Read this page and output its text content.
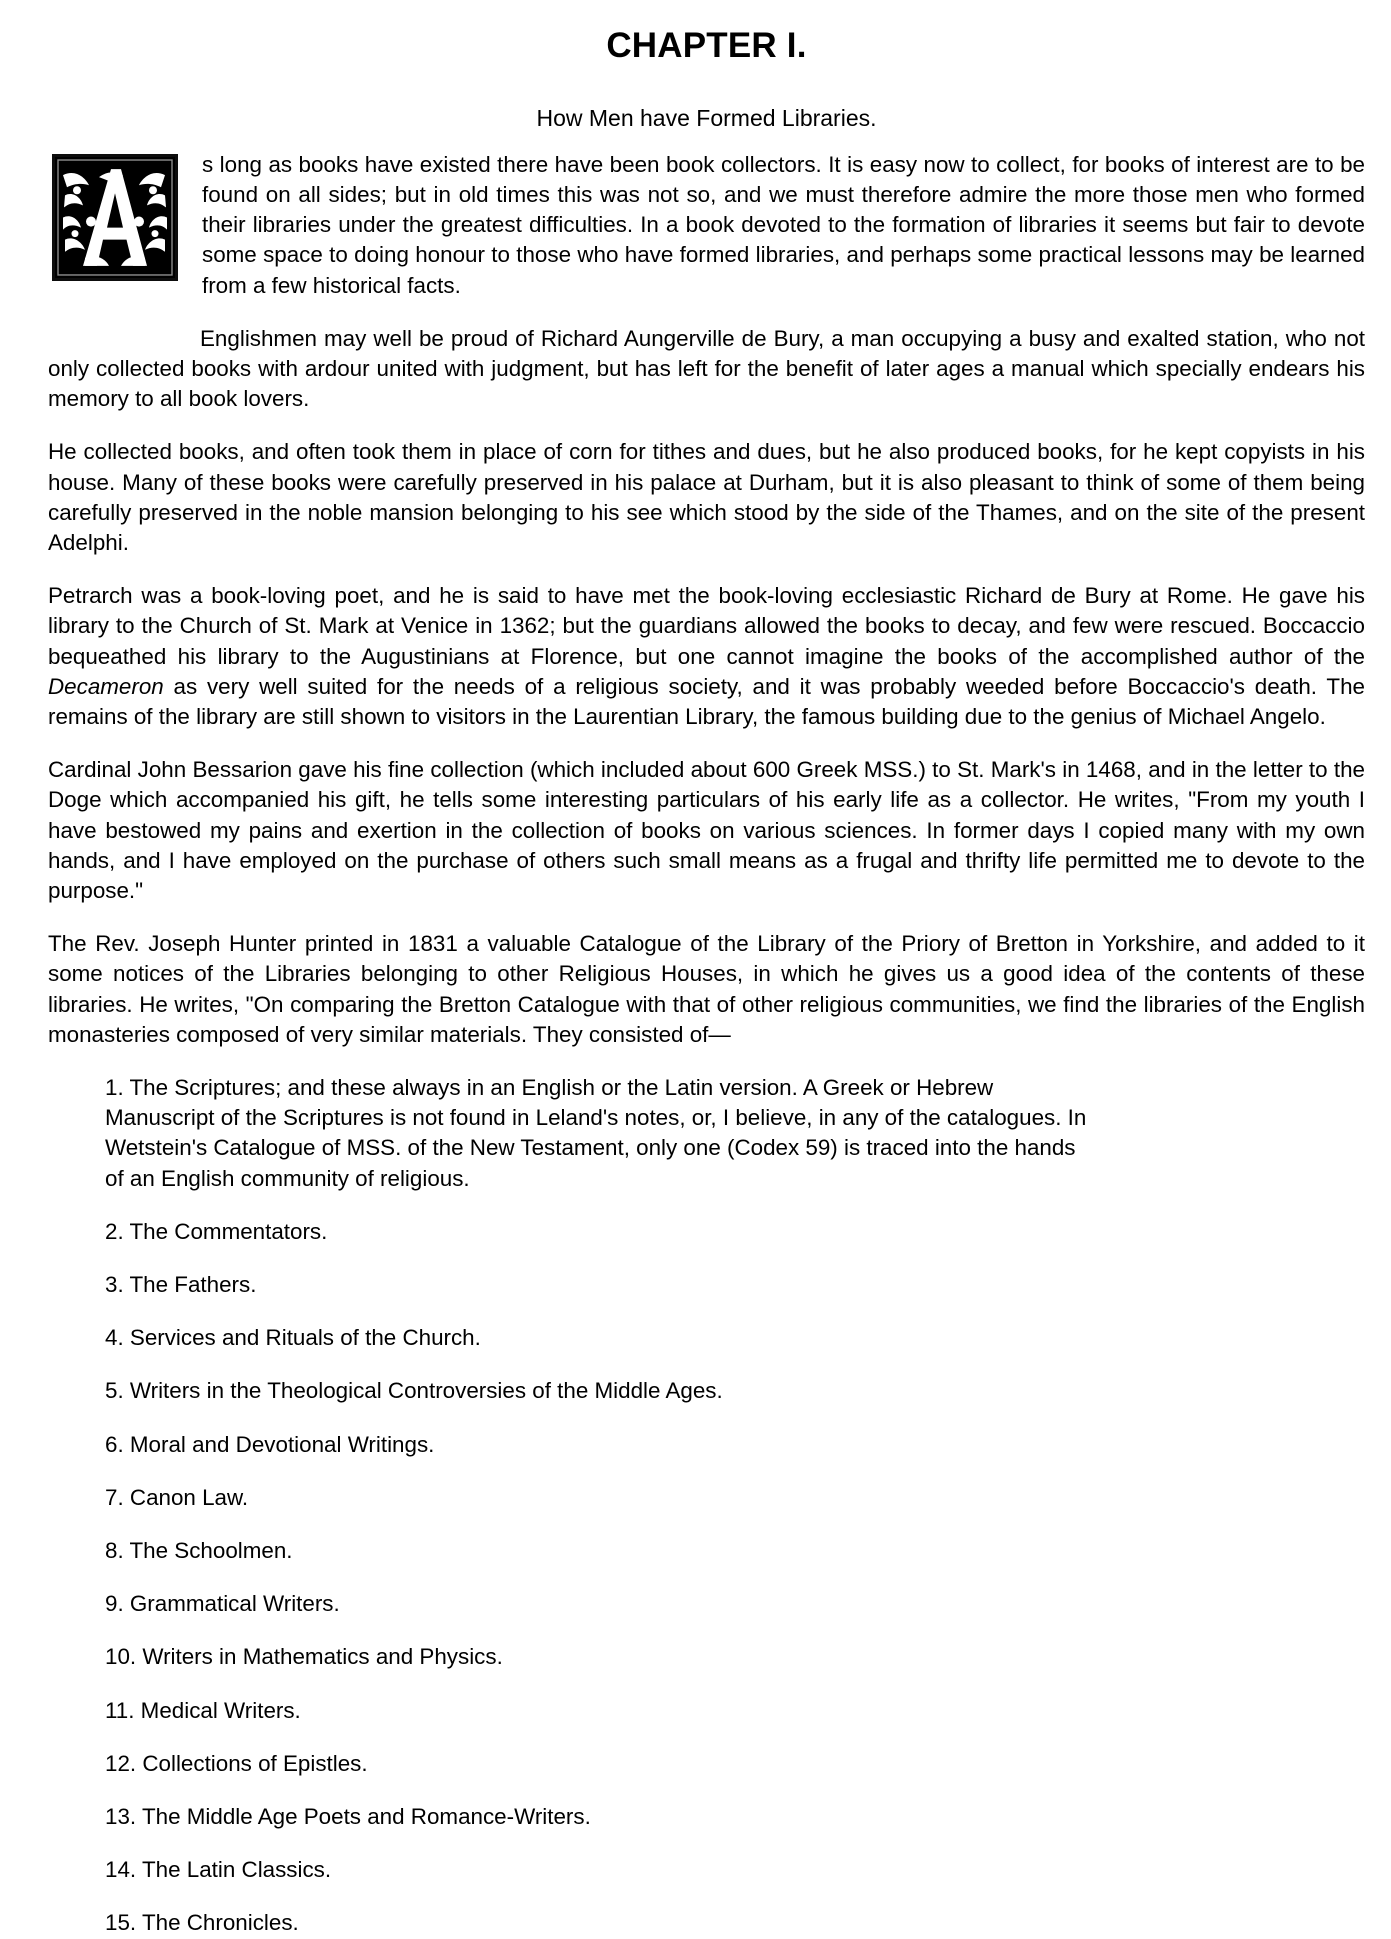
CHAPTER I.

How Men have Formed Libraries.

s long as books have existed there have been book collectors. It is easy now to collect, for books of interest are to be found on all sides; but in old times this was not so, and we must therefore admire the more those men who formed their libraries under the greatest difficulties. In a book devoted to the formation of libraries it seems but fair to devote some space to doing honour to those who have formed libraries, and perhaps some practical lessons may be learned from a few historical facts.

Englishmen may well be proud of Richard Aungerville de Bury, a man occupying a busy and exalted station, who not only collected books with ardour united with judgment, but has left for the benefit of later ages a manual which specially endears his memory to all book lovers.

He collected books, and often took them in place of corn for tithes and dues, but he also produced books, for he kept copyists in his house. Many of these books were carefully preserved in his palace at Durham, but it is also pleasant to think of some of them being carefully preserved in the noble mansion belonging to his see which stood by the side of the Thames, and on the site of the present Adelphi.

Petrarch was a book-loving poet, and he is said to have met the book-loving ecclesiastic Richard de Bury at Rome. He gave his library to the Church of St. Mark at Venice in 1362; but the guardians allowed the books to decay, and few were rescued. Boccaccio bequeathed his library to the Augustinians at Florence, but one cannot imagine the books of the accomplished author of the Decameron as very well suited for the needs of a religious society, and it was probably weeded before Boccaccio's death. The remains of the library are still shown to visitors in the Laurentian Library, the famous building due to the genius of Michael Angelo.

Cardinal John Bessarion gave his fine collection (which included about 600 Greek MSS.) to St. Mark's in 1468, and in the letter to the Doge which accompanied his gift, he tells some interesting particulars of his early life as a collector. He writes, "From my youth I have bestowed my pains and exertion in the collection of books on various sciences. In former days I copied many with my own hands, and I have employed on the purchase of others such small means as a frugal and thrifty life permitted me to devote to the purpose."

The Rev. Joseph Hunter printed in 1831 a valuable Catalogue of the Library of the Priory of Bretton in Yorkshire, and added to it some notices of the Libraries belonging to other Religious Houses, in which he gives us a good idea of the contents of these libraries. He writes, "On comparing the Bretton Catalogue with that of other religious communities, we find the libraries of the English monasteries composed of very similar materials. They consisted of—

1. The Scriptures; and these always in an English or the Latin version. A Greek or Hebrew Manuscript of the Scriptures is not found in Leland's notes, or, I believe, in any of the catalogues. In Wetstein's Catalogue of MSS. of the New Testament, only one (Codex 59) is traced into the hands of an English community of religious.
2. The Commentators.
3. The Fathers.
4. Services and Rituals of the Church.
5. Writers in the Theological Controversies of the Middle Ages.
6. Moral and Devotional Writings.
7. Canon Law.
8. The Schoolmen.
9. Grammatical Writers.
10. Writers in Mathematics and Physics.
11. Medical Writers.
12. Collections of Epistles.
13. The Middle Age Poets and Romance-Writers.
14. The Latin Classics.
15. The Chronicles.
